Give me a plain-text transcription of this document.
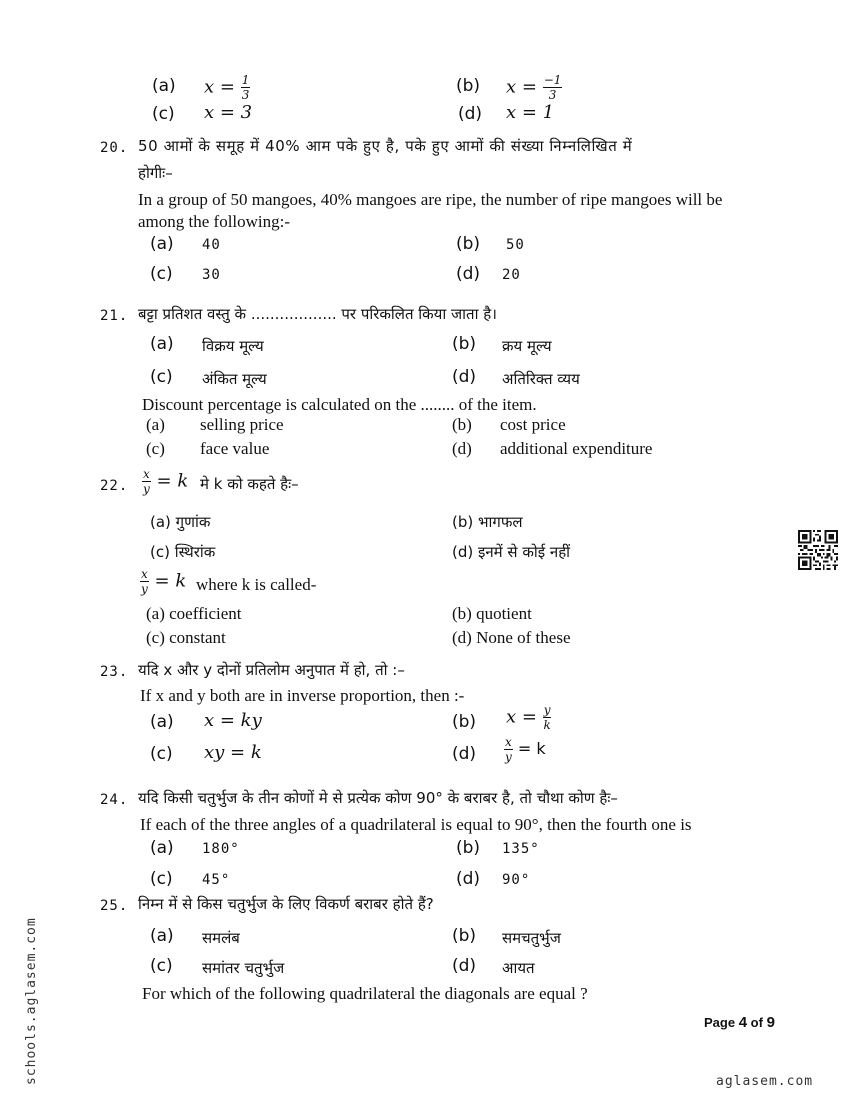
(a) $x = \frac{1}{3}$	(b) $x = \frac{-1}{3}$
(c) x = 3	(d) x = 1
20. 50 आमों के समूह में 40% आम पके हुए है, पके हुए आमों की संख्या निम्नलिखित में
होगीः–
In a group of 50 mangoes, 40% mangoes are ripe, the number of ripe mangoes will be
among the following:-
(a) 40	(b) 50
(c) 30	(d) 20
21. बट्टा प्रतिशत वस्तु के .................. पर परिकलित किया जाता है।
(a) विक्रय मूल्य	(b) क्रय मूल्य
(c) अंकित मूल्य	(d) अतिरिक्त व्यय
Discount percentage is calculated on the ........ of the item.
(a) selling price	(b) cost price
(c) face value	(d) additional expenditure
22. $\frac{x}{y} = k$ मे k को कहते हैः–
(a) गुणांक	(b) भागफल
(c) स्थिरांक	(d) इनमें से कोई नहीं
$\frac{x}{y} = k$ where k is called-
(a) coefficient	(b) quotient
(c) constant	(d) None of these
23. यदि x और y दोनों प्रतिलोम अनुपात में हो, तो :–
If x and y both are in inverse proportion, then :-
(a) x = ky	(b) $x = \frac{y}{k}$
(c) xy = k	$(d) \frac{x}{y} = k$
24. यदि किसी चतुर्भुज के तीन कोणों मे से प्रत्येक कोण 90° के बराबर है, तो चौथा कोण हैः–
If each of the three angles of a quadrilateral is equal to 90°, then the fourth one is
(a) 180°	(b) 135°
(c) 45°	(d) 90°
25. निम्न में से किस चतुर्भुज के लिए विकर्ण बराबर होते हैं?
(a) समलंब	(b) समचतुर्भुज
(c) समांतर चतुर्भुज	(d) आयत
For which of the following quadrilateral the diagonals are equal ?
Page 4 of 9
schools.aglasem.com	aglasem.com
